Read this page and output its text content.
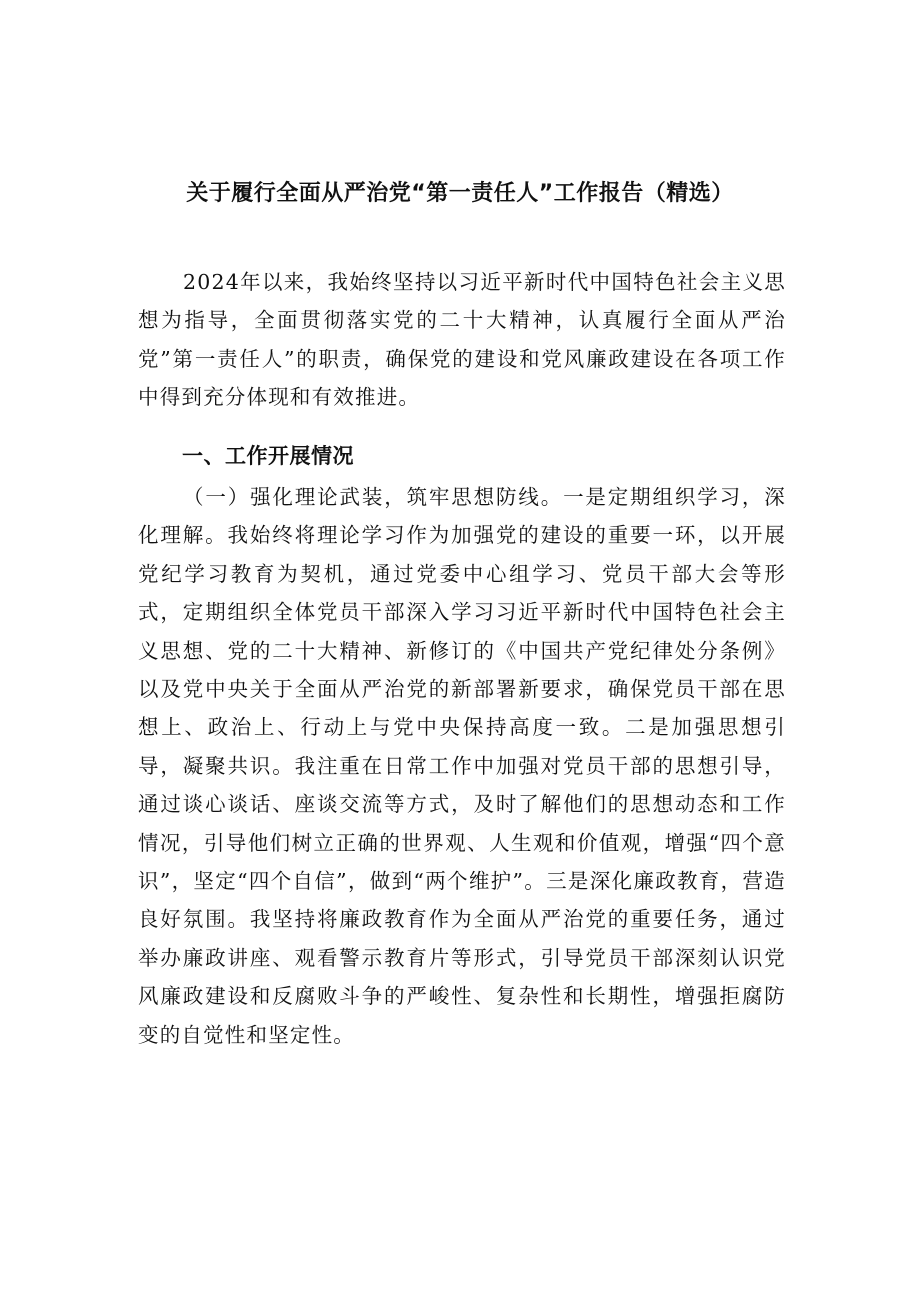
关于履行全面从严治党“第一责任人”工作报告（精选）

2024年以来，我始终坚持以习近平新时代中国特色社会主义思想为指导，全面贯彻落实党的二十大精神，认真履行全面从严治党”第一责任人”的职责，确保党的建设和党风廉政建设在各项工作中得到充分体现和有效推进。

一、工作开展情况

（一）强化理论武装，筑牢思想防线。一是定期组织学习，深化理解。我始终将理论学习作为加强党的建设的重要一环，以开展党纪学习教育为契机，通过党委中心组学习、党员干部大会等形式，定期组织全体党员干部深入学习习近平新时代中国特色社会主义思想、党的二十大精神、新修订的《中国共产党纪律处分条例》以及党中央关于全面从严治党的新部署新要求，确保党员干部在思想上、政治上、行动上与党中央保持高度一致。二是加强思想引导，凝聚共识。我注重在日常工作中加强对党员干部的思想引导，通过谈心谈话、座谈交流等方式，及时了解他们的思想动态和工作情况，引导他们树立正确的世界观、人生观和价值观，增强“四个意识”，坚定“四个自信”，做到“两个维护”。三是深化廉政教育，营造良好氛围。我坚持将廉政教育作为全面从严治党的重要任务，通过举办廉政讲座、观看警示教育片等形式，引导党员干部深刻认识党风廉政建设和反腐败斗争的严峻性、复杂性和长期性，增强拒腐防变的自觉性和坚定性。
